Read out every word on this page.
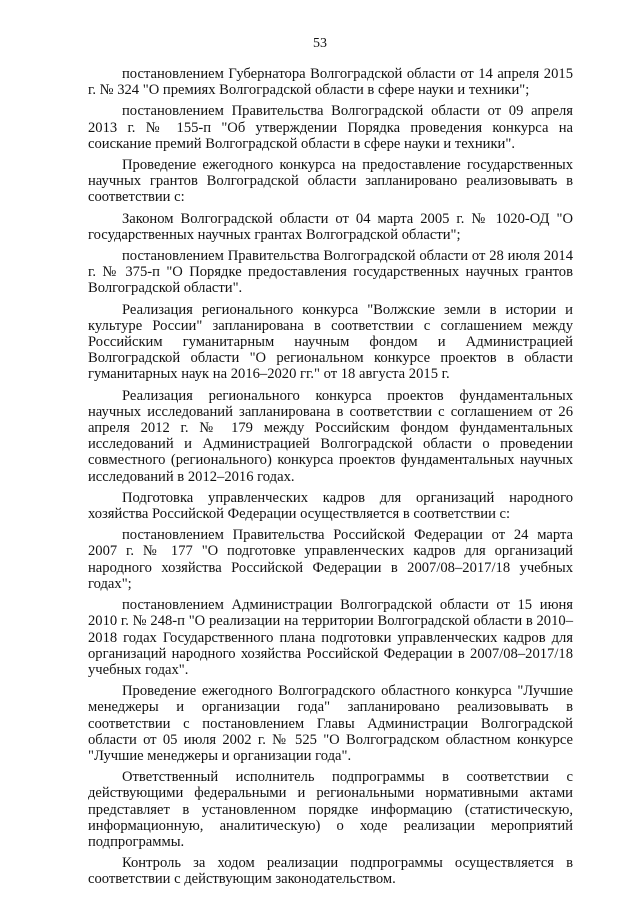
53

постановлением Губернатора Волгоградской области от 14 апреля 2015 г. № 324 "О премиях Волгоградской области в сфере науки и техники";

постановлением Правительства Волгоградской области от 09 апреля 2013 г. № 155-п "Об утверждении Порядка проведения конкурса на соискание премий Волгоградской области в сфере науки и техники".

Проведение ежегодного конкурса на предоставление государственных научных грантов Волгоградской области запланировано реализовывать в соответствии с:

Законом Волгоградской области от 04 марта 2005 г. № 1020-ОД "О государственных научных грантах Волгоградской области";

постановлением Правительства Волгоградской области от 28 июля 2014 г. № 375-п "О Порядке предоставления государственных научных грантов Волгоградской области".

Реализация регионального конкурса "Волжские земли в истории и культуре России" запланирована в соответствии с соглашением между Российским гуманитарным научным фондом и Администрацией Волгоградской области "О региональном конкурсе проектов в области гуманитарных наук на 2016–2020 гг." от 18 августа 2015 г.

Реализация регионального конкурса проектов фундаментальных научных исследований запланирована в соответствии с соглашением от 26 апреля 2012 г. № 179 между Российским фондом фундаментальных исследований и Администрацией Волгоградской области о проведении совместного (регионального) конкурса проектов фундаментальных научных исследований в 2012–2016 годах.

Подготовка управленческих кадров для организаций народного хозяйства Российской Федерации осуществляется в соответствии с:

постановлением Правительства Российской Федерации от 24 марта 2007 г. № 177 "О подготовке управленческих кадров для организаций народного хозяйства Российской Федерации в 2007/08–2017/18 учебных годах";

постановлением Администрации Волгоградской области от 15 июня 2010 г. № 248-п "О реализации на территории Волгоградской области в 2010–2018 годах Государственного плана подготовки управленческих кадров для организаций народного хозяйства Российской Федерации в 2007/08–2017/18 учебных годах".

Проведение ежегодного Волгоградского областного конкурса "Лучшие менеджеры и организации года" запланировано реализовывать в соответствии с постановлением Главы Администрации Волгоградской области от 05 июля 2002 г. № 525 "О Волгоградском областном конкурсе "Лучшие менеджеры и организации года".

Ответственный исполнитель подпрограммы в соответствии с действующими федеральными и региональными нормативными актами представляет в установленном порядке информацию (статистическую, информационную, аналитическую) о ходе реализации мероприятий подпрограммы.

Контроль за ходом реализации подпрограммы осуществляется в соответствии с действующим законодательством.
